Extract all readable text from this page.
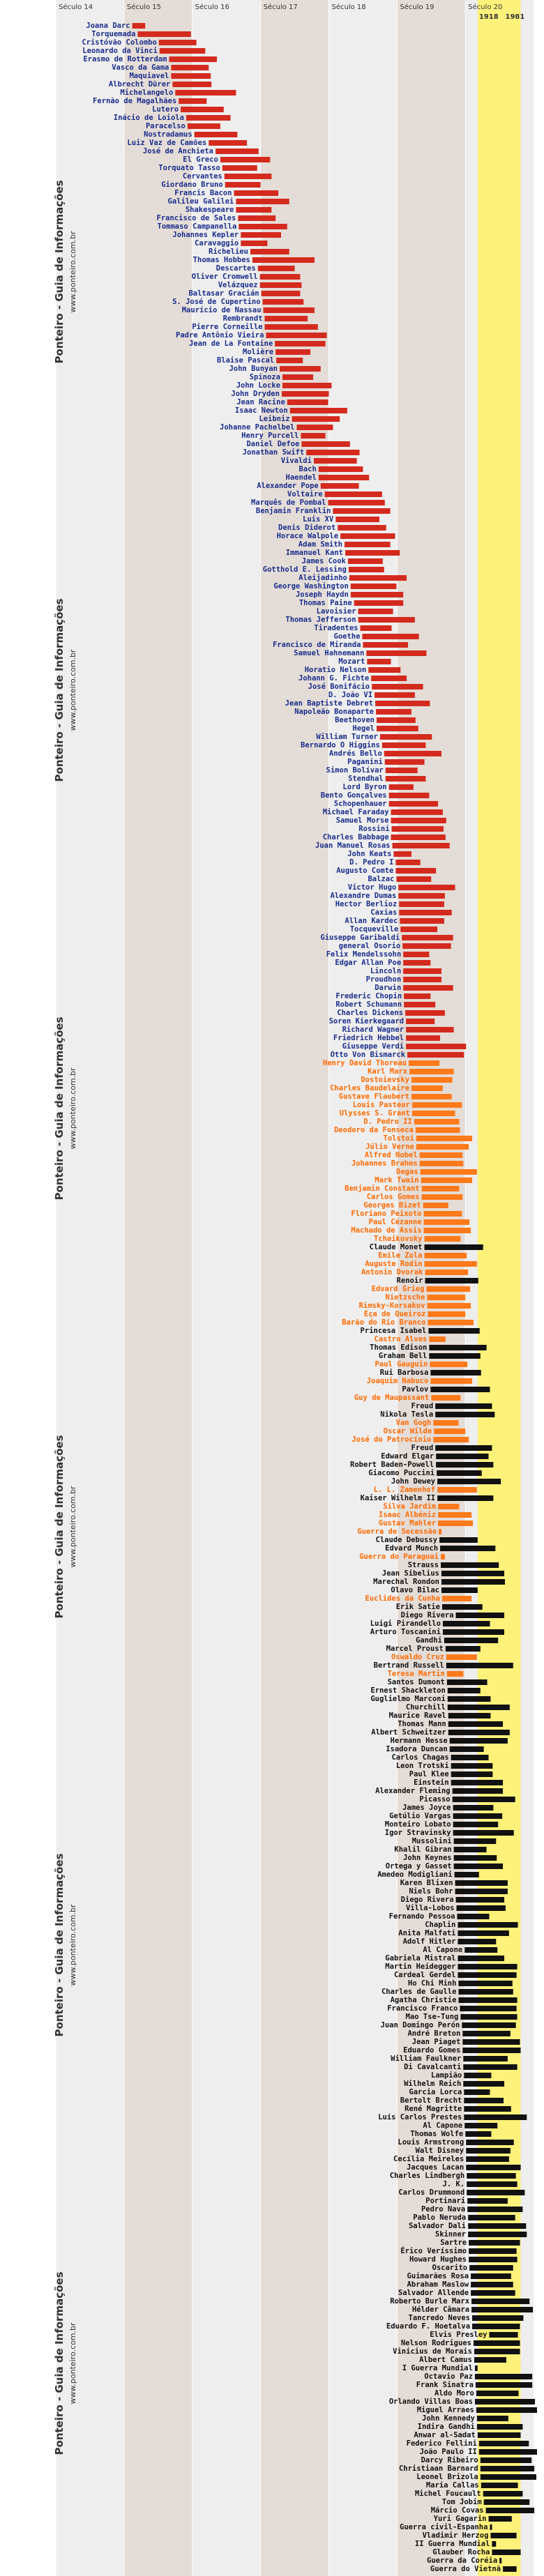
Século 14	Século 15	Século 16	Século 17	Século 18	Século 19	Século 20
1918 1981
Ponteiro - Guia de Informações www.ponteiro.com.br
Ponteiro - Guia de Informações www.ponteiro.com.br
Ponteiro - Guia de Informações www.ponteiro.com.br
Ponteiro - Guia de Informações www.ponteiro.com.br
Ponteiro - Guia de Informações www.ponteiro.com.br
Ponteiro - Guia de Informações www.ponteiro.com.br
Joana Darc
Torquemada
Cristóvão Colombo
Leonardo da Vinci
Erasmo de Rotterdam
Vasco da Gama
Maquiavel
Albrecht Dürer
Michelangelo
Fernão de Magalhães
Lutero
Inácio de Loiola
Paracelso
Nostradamus
Luiz Vaz de Camões
José de Anchieta
El Greco
Torquato Tasso
Cervantes
Giordano Bruno
Francis Bacon
Galileu Galilei
Shakespeare
Francisco de Sales
Tommaso Campanella
Johannes Kepler
Caravaggio
Richelieu
Thomas Hobbes
Descartes
Oliver Cromwell
Velázquez
Baltasar Gracián
S. José de Cupertino
Maurício de Nassau
Rembrandt
Pierre Corneille
Padre Antônio Vieira
Jean de La Fontaine
Molière
Blaise Pascal
John Bunyan
Spinoza
John Locke
John Dryden
Jean Racine
Isaac Newton
Leibniz
Johanne Pachelbel
Henry Purcell
Daniel Defoe
Jonathan Swift
Vivaldi
Bach
Haendel
Alexander Pope
Voltaire
Marquês de Pombal
Benjamin Franklin
Luis XV
Denis Diderot
Horace Walpole
Adam Smith
Immanuel Kant
James Cook
Gotthold E. Lessing
Aleijadinho
George Washington
Joseph Haydn
Thomas Paine
Lavoisier
Thomas Jefferson
Tiradentes
Goethe
Francisco de Miranda
Samuel Hahnemann
Mozart
Horatio Nelson
Johann G. Fichte
José Bonifácio
D. João VI
Jean Baptiste Debret
Napoleão Bonaparte
Beethoven
Hegel
William Turner
Bernardo O Higgins
Andrés Bello
Paganini
Simon Bolívar
Stendhal
Lord Byron
Bento Gonçalves
Schopenhauer
Michael Faraday
Samuel Morse
Rossini
Charles Babbage
Juan Manuel Rosas
John Keats
D. Pedro I
Augusto Comte
Balzac
Victor Hugo
Alexandre Dumas
Hector Berlioz
Caxias
Allan Kardec
Tocqueville
Giuseppe Garibaldi
general Osorio
Felix Mendelssohn
Edgar Allan Poe
Lincoln
Proudhon
Darwin
Frederic Chopin
Robert Schumann
Charles Dickens
Soren Kierkegaard
Richard Wagner
Friedrich Hebbel
Giuseppe Verdi
Otto Von Bismarck
Henry David Thoreau
Karl Marx
Dostoievsky
Charles Baudelaire
Gustave Flaubert
Louis Pasteur
Ulysses S. Grant
D. Pedro II
Deodoro da Fonseca
Tolstoi
Júlio Verne
Alfred Nobel
Johannes Brahms
Degas
Mark Twain
Benjamin Constant
Carlos Gomes
Georges Bizet
Floriano Peixoto
Paul Cézanne
Machado de Assis
Tchaikovsky
Claude Monet
Emile Zola
Auguste Rodin
Antonin Dvorak
Renoir
Edvard Grieg
Nietzsche
Rimsky-Korsakov
Eça de Queiroz
Barão do Rio Branco
Princesa Isabel
Castro Alves
Thomas Edison
Graham Bell
Paul Gauguin
Rui Barbosa
Joaquim Nabuco
Pavlov
Guy de Maupassant
Freud
Nikola Tesla
Van Gogh
Oscar Wilde
José do Patrocínio
Freud
Edward Elgar
Robert Baden-Powell
Giacomo Puccini
John Dewey
L. L. Zamenhof
Kaiser Wilhelm II
Silva Jardim
Isaac Albéniz
Gustav Mahler
Guerra de Secessão
Claude Debussy
Edvard Munch
Guerra do Paraguai
Strauss
Jean Sibelius
Marechal Rondon
Olavo Bilac
Euclides da Cunha
Erik Satie
Diego Rivera
Luigi Pirandello
Arturo Toscanini
Gandhi
Marcel Proust
Oswaldo Cruz
Bertrand Russell
Teresa Martin
Santos Dumont
Ernest Shackleton
Guglielmo Marconi
Churchill
Maurice Ravel
Thomas Mann
Albert Schweitzer
Hermann Hesse
Isadora Duncan
Carlos Chagas
Leon Trotski
Paul Klee
Einstein
Alexander Fleming
Picasso
James Joyce
Getúlio Vargas
Monteiro Lobato
Igor Stravinsky
Mussolini
Khalil Gibran
John Keynes
Ortega y Gasset
Amedeo Modigliani
Karen Blixen
Niels Bohr
Diego Rivera
Villa-Lobos
Fernando Pessoa
Chaplin
Anita Malfati
Adolf Hitler
Al Capone
Gabriela Mistral
Martin Heidegger
Cardeal Gerdel
Ho Chi Minh
Charles de Gaulle
Agatha Christie
Francisco Franco
Mao Tse-Tung
Juan Domingo Perón
André Breton
Jean Piaget
Eduardo Gomes
William Faulkner
Di Cavalcanti
Lampião
Wilhelm Reich
Garcia Lorca
Bertolt Brecht
René Magritte
Luís Carlos Prestes
Al Capone
Thomas Wolfe
Louis Armstrong
Walt Disney
Cecília Meireles
Jacques Lacan
Charles Lindbergh
J. K.
Carlos Drummond
Portinari
Pedro Nava
Pablo Neruda
Salvador Dali
Skinner
Sartre
Érico Veríssimo
Howard Hughes
Oscarito
Guimarães Rosa
Abraham Maslow
Salvador Allende
Roberto Burle Marx
Hélder Câmara
Tancredo Neves
Eduardo F. Hoetalva
Elvis Presley
Nelson Rodrigues
Vinicius de Morais
Albert Camus
I Guerra Mundial
Octavio Paz
Frank Sinatra
Aldo Moro
Orlando Villas Boas
Miguel Arraes
John Kennedy
Indira Gandhi
Anwar al-Sadat
Federico Fellini
João Paulo II
Darcy Ribeiro
Christiaan Barnard
Leonel Brizola
Maria Callas
Michel Foucault
Tom Jobim
Márcio Covas
Yuri Gagarin
Guerra civil-Espanha
Vladimir Herzog
II Guerra Mundial
Glauber Rocha
Guerra da Coréia
Guerra do Vietnã
